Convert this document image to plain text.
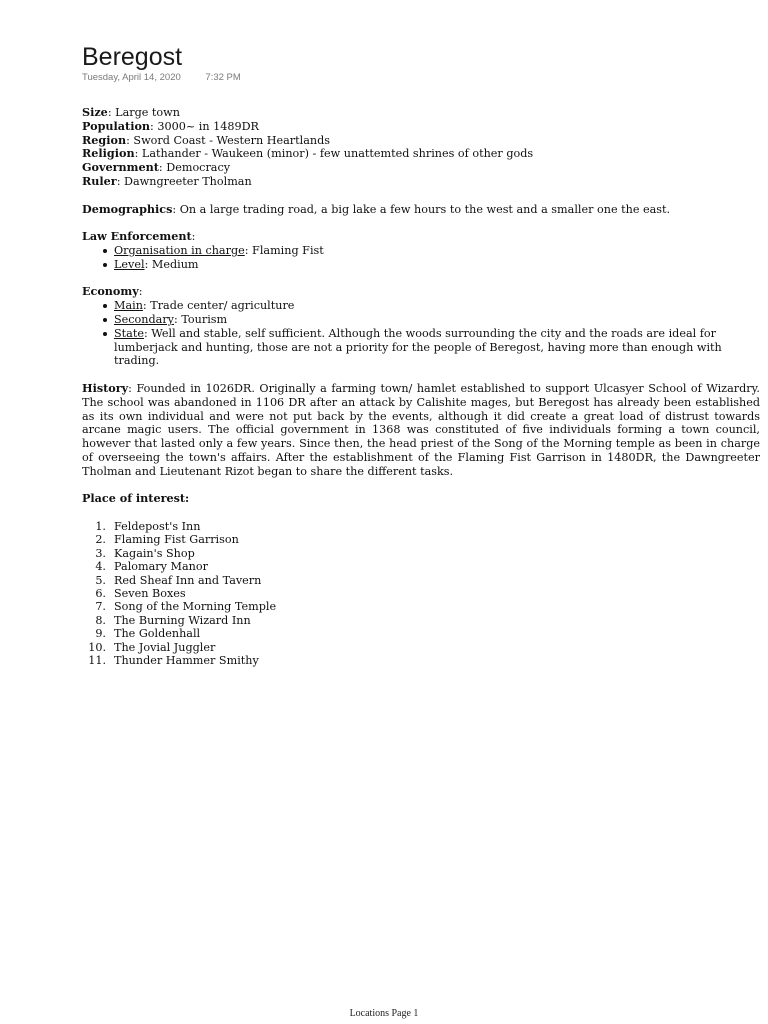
Beregost
Tuesday, April 14, 2020	7:32 PM
Size: Large town
Population: 3000~ in 1489DR
Region: Sword Coast - Western Heartlands
Religion: Lathander - Waukeen (minor) - few unattemted shrines of other gods
Government: Democracy
Ruler: Dawngreeter Tholman
Demographics: On a large trading road, a big lake a few hours to the west and a smaller one the east.
Law Enforcement:
Organisation in charge: Flaming Fist
Level: Medium
Economy:
Main: Trade center/ agriculture
Secondary: Tourism
State: Well and stable, self sufficient. Although the woods surrounding the city and the roads are ideal for lumberjack and hunting, those are not a priority for the people of Beregost, having more than enough with trading.
History: Founded in 1026DR. Originally a farming town/ hamlet established to support Ulcasyer School of Wizardry. The school was abandoned in 1106 DR after an attack by Calishite mages, but Beregost has already been established as its own individual and were not put back by the events, although it did create a great load of distrust towards arcane magic users. The official government in 1368 was constituted of five individuals forming a town council, however that lasted only a few years. Since then, the head priest of the Song of the Morning temple as been in charge of overseeing the town's affairs. After the establishment of the Flaming Fist Garrison in 1480DR, the Dawngreeter Tholman and Lieutenant Rizot began to share the different tasks.
Place of interest:
1. Feldepost's Inn
2. Flaming Fist Garrison
3. Kagain's Shop
4. Palomary Manor
5. Red Sheaf Inn and Tavern
6. Seven Boxes
7. Song of the Morning Temple
8. The Burning Wizard Inn
9. The Goldenhall
10. The Jovial Juggler
11. Thunder Hammer Smithy
Locations Page 1
